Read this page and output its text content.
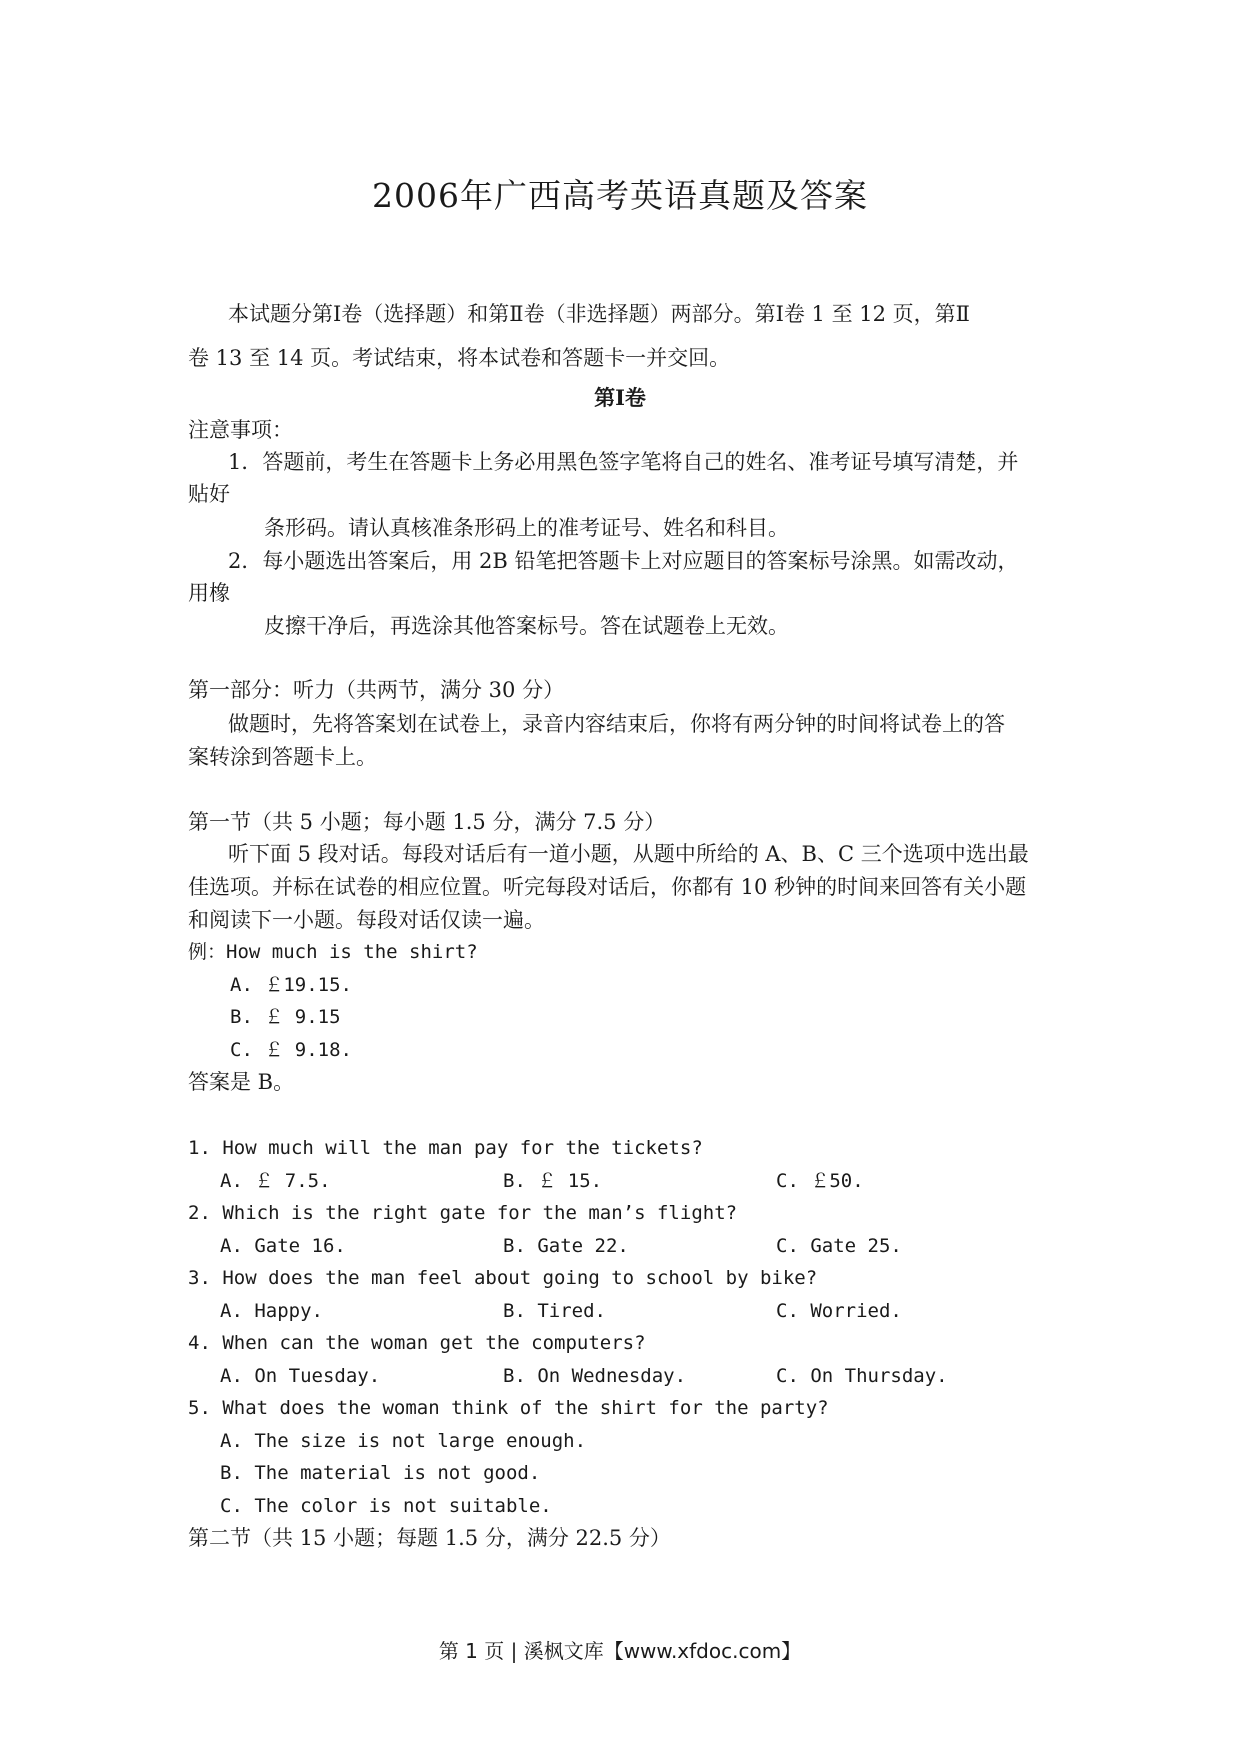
2006年广西高考英语真题及答案
本试题分第Ⅰ卷（选择题）和第Ⅱ卷（非选择题）两部分。第Ⅰ卷 1 至 12 页，第Ⅱ
卷 13 至 14 页。考试结束，将本试卷和答题卡一并交回。
第Ⅰ卷
注意事项：
1．答题前，考生在答题卡上务必用黑色签字笔将自己的姓名、准考证号填写清楚，并
贴好
条形码。请认真核准条形码上的准考证号、姓名和科目。
2．每小题选出答案后，用 2B 铅笔把答题卡上对应题目的答案标号涂黑。如需改动，
用橡
皮擦干净后，再选涂其他答案标号。答在试题卷上无效。
第一部分：听力（共两节，满分 30 分）
做题时，先将答案划在试卷上，录音内容结束后，你将有两分钟的时间将试卷上的答
案转涂到答题卡上。
第一节（共 5 小题；每小题 1.5 分，满分 7.5 分）
听下面 5 段对话。每段对话后有一道小题，从题中所给的 A、B、C 三个选项中选出最
佳选项。并标在试卷的相应位置。听完每段对话后，你都有 10 秒钟的时间来回答有关小题
和阅读下一小题。每段对话仅读一遍。
例：How much is the shirt?
A. ￡19.15.
B. ￡ 9.15
C. ￡ 9.18.
答案是 B。
1. How much will the man pay for the tickets?
A. ￡ 7.5.	B. ￡ 15.	C. ￡50.
2. Which is the right gate for the man’s flight?
A. Gate 16.	B. Gate 22.	C. Gate 25.
3. How does the man feel about going to school by bike?
A. Happy.	B. Tired.	C. Worried.
4. When can the woman get the computers?
A. On Tuesday.	B. On Wednesday.	C. On Thursday.
5. What does the woman think of the shirt for the party?
A. The size is not large enough.
B. The material is not good.
C. The color is not suitable.
第二节（共 15 小题；每题 1.5 分，满分 22.5 分）
第 1 页 | 溪枫文库【www.xfdoc.com】
